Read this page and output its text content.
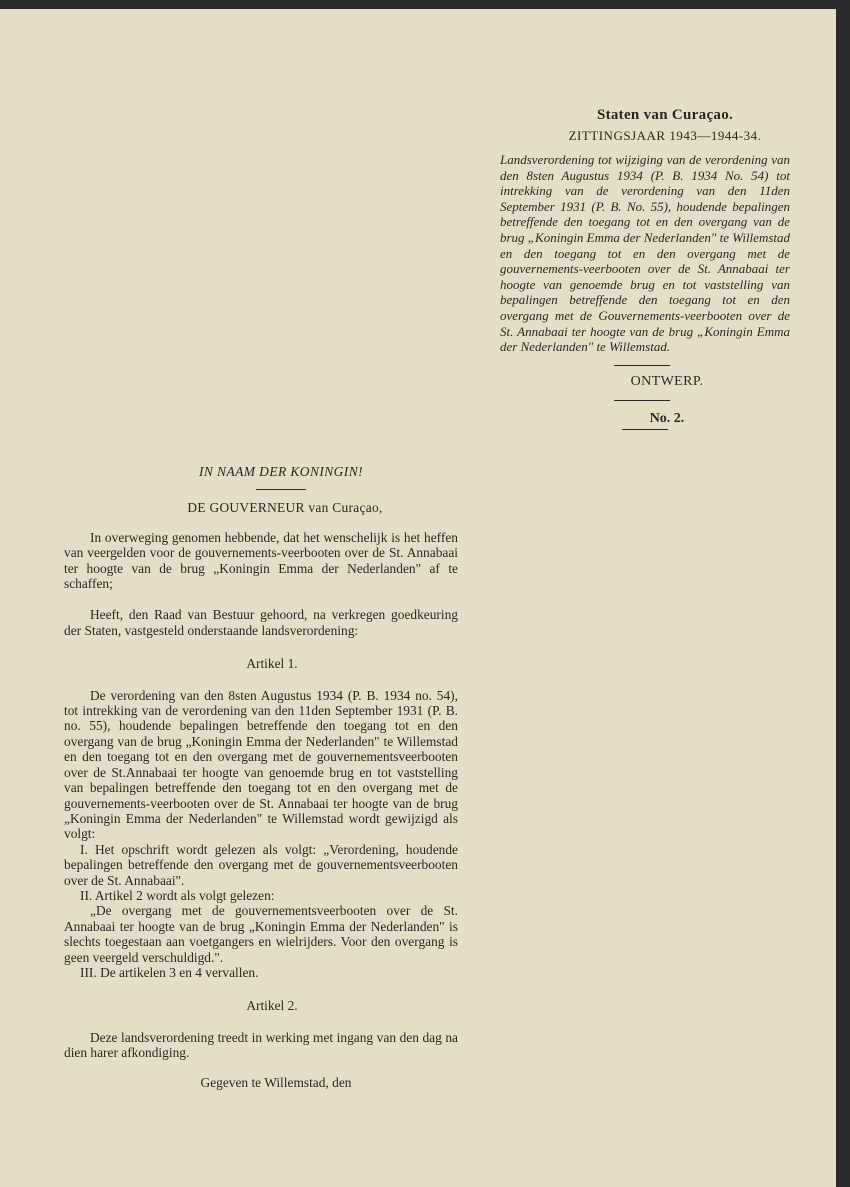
Staten van Curaçao.
ZITTINGSJAAR 1943—1944-34.
Landsverordening tot wijziging van de verordening van den 8sten Augustus 1934 (P. B. 1934 No. 54) tot intrekking van de verordening van den 11den September 1931 (P. B. No. 55), houdende bepalingen betreffende den toegang tot en den overgang van de brug „Koningin Emma der Nederlanden" te Willemstad en den toegang tot en den overgang met de gouvernements-veerbooten over de St. Annabaai ter hoogte van genoemde brug en tot vaststelling van bepalingen betreffende den toegang tot en den overgang met de Gouvernements-veerbooten over de St. Annabaai ter hoogte van de brug „Koningin Emma der Nederlanden" te Willemstad.
ONTWERP.
No. 2.
IN NAAM DER KONINGIN!
DE GOUVERNEUR van Curaçao,

In overweging genomen hebbende, dat het wenschelijk is het heffen van veergelden voor de gouvernements-veerbooten over de St. Annabaai ter hoogte van de brug „Koningin Emma der Nederlanden" af te schaffen;

Heeft, den Raad van Bestuur gehoord, na verkregen goedkeuring der Staten, vastgesteld onderstaande landsverordening:

Artikel 1.

De verordening van den 8sten Augustus 1934 (P. B. 1934 no. 54), tot intrekking van de verordening van den 11den September 1931 (P. B. no. 55), houdende bepalingen betreffende den toegang tot en den overgang van de brug „Koningin Emma der Nederlanden" te Willemstad en den toegang tot en den overgang met de gouvernementsveerbooten over de St.Annabaai ter hoogte van genoemde brug en tot vaststelling van bepalingen betreffende den toegang tot en den overgang met de gouvernements-veerbooten over de St. Annabaai ter hoogte van de brug „Koningin Emma der Nederlanden" te Willemstad wordt gewijzigd als volgt:

I. Het opschrift wordt gelezen als volgt: „Verordening, houdende bepalingen betreffende den overgang met de gouvernementsveerbooten over de St. Annabaai".

II. Artikel 2 wordt als volgt gelezen:

„De overgang met de gouvernementsveerbooten over de St. Annabaai ter hoogte van de brug „Koningin Emma der Nederlanden" is slechts toegestaan aan voetgangers en wielrijders. Voor den overgang is geen veergeld verschuldigd.".

III. De artikelen 3 en 4 vervallen.

Artikel 2.

Deze landsverordening treedt in werking met ingang van den dag na dien harer afkondiging.

Gegeven te Willemstad, den
